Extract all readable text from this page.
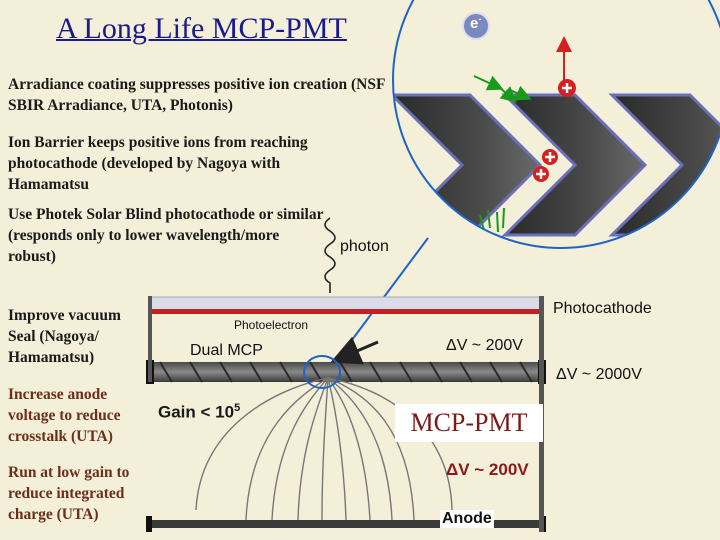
A Long Life MCP-PMT
Arradiance coating suppresses positive ion creation (NSF SBIR Arradiance, UTA, Photonis)
Ion Barrier keeps positive ions from reaching photocathode (developed by Nagoya with Hamamatsu
Use Photek Solar Blind photocathode or similar (responds only to lower wavelength/more robust)
Improve vacuum Seal (Nagoya/ Hamamatsu)
Increase anode voltage to reduce crosstalk (UTA)
Run at low gain to reduce integrated charge (UTA)
e-
photon
Photocathode
Photoelectron
Dual MCP	ΔV ~ 200V
ΔV ~ 2000V
MCP-PMT
Gain < $10^5$
ΔV ~ 200V
Anode
